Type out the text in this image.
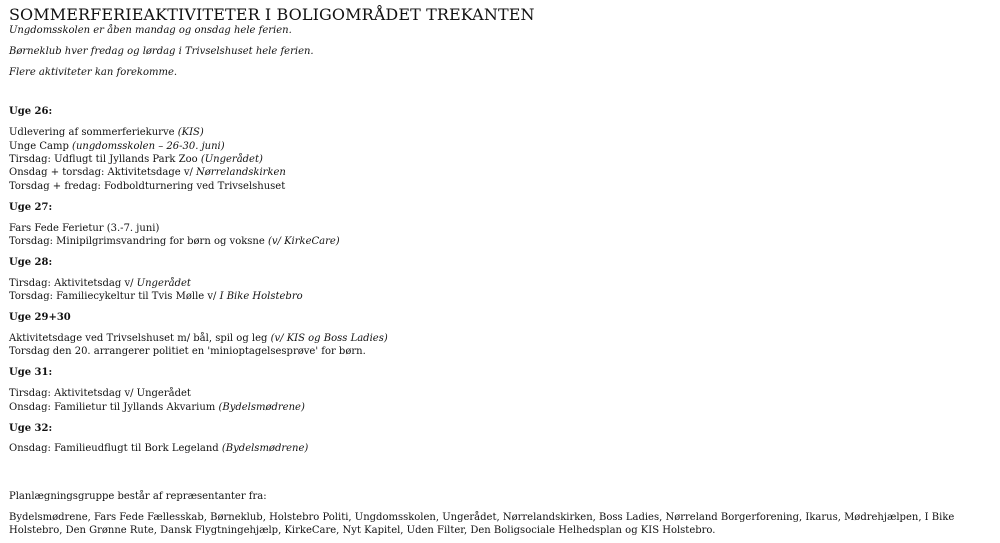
SOMMERFERIEAKTIVITETER I BOLIGOMRÅDET TREKANTEN

Ungdomsskolen er åben mandag og onsdag hele ferien.

Børneklub hver fredag og lørdag i Trivselshuset hele ferien.

Flere aktiviteter kan forekomme.

Uge 26:

Udlevering af sommerferiekurve (KIS)

Unge Camp (ungdomsskolen – 26-30. juni)

Tirsdag: Udflugt til Jyllands Park Zoo (Ungerådet)

Onsdag + torsdag: Aktivitetsdage v/ Nørrelandskirken

Torsdag + fredag: Fodboldturnering ved Trivselshuset

Uge 27:

Fars Fede Ferietur (3.-7. juni)

Torsdag: Minipilgrimsvandring for børn og voksne (v/ KirkeCare)

Uge 28:

Tirsdag: Aktivitetsdag v/ Ungerådet

Torsdag: Familiecykeltur til Tvis Mølle v/ I Bike Holstebro

Uge 29+30

Aktivitetsdage ved Trivselshuset m/ bål, spil og leg (v/ KIS og Boss Ladies)

Torsdag den 20. arrangerer politiet en 'minioptagelsesprøve' for børn.

Uge 31:

Tirsdag: Aktivitetsdag v/ Ungerådet

Onsdag: Familietur til Jyllands Akvarium (Bydelsmødrene)

Uge 32:

Onsdag: Familieudflugt til Bork Legeland (Bydelsmødrene)

Planlægningsgruppe består af repræsentanter fra:

Bydelsmødrene, Fars Fede Fællesskab, Børneklub, Holstebro Politi, Ungdomsskolen, Ungerådet, Nørrelandskirken, Boss Ladies, Nørreland Borgerforening, Ikarus, Mødrehjælpen, I Bike Holstebro, Den Grønne Rute, Dansk Flygtningehjælp, KirkeCare, Nyt Kapitel, Uden Filter, Den Boligsociale Helhedsplan og KIS Holstebro.
